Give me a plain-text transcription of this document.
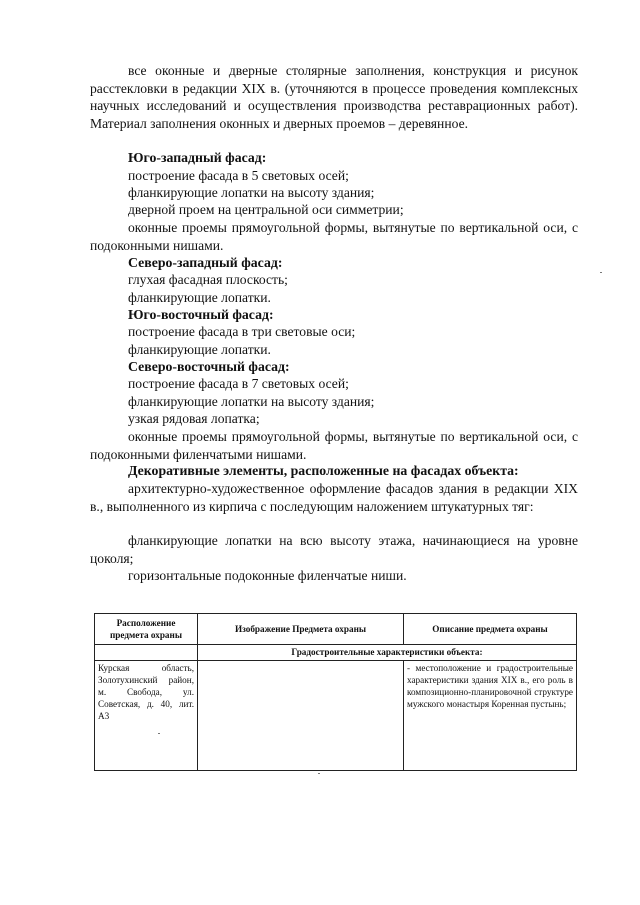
все оконные и дверные столярные заполнения, конструкция и рисунок расстекловки в редакции XIX в. (уточняются в процессе проведения комплексных научных исследований и осуществления производства реставрационных работ). Материал заполнения оконных и дверных проемов – деревянное.

Юго-западный фасад:

построение фасада в 5 световых осей;

фланкирующие лопатки на высоту здания;

дверной проем на центральной оси симметрии;

оконные проемы прямоугольной формы, вытянутые по вертикальной оси, с подоконными нишами.

Северо-западный фасад:

глухая фасадная плоскость;

фланкирующие лопатки.

Юго-восточный фасад:

построение фасада в три световые оси;

фланкирующие лопатки.

Северо-восточный фасад:

построение фасада в 7 световых осей;

фланкирующие лопатки на высоту здания;

узкая рядовая лопатка;

оконные проемы прямоугольной формы, вытянутые по вертикальной оси, с подоконными филенчатыми нишами.

Декоративные элементы, расположенные на фасадах объекта:

архитектурно-художественное оформление фасадов здания в редакции XIX в., выполненного из кирпича с последующим наложением штукатурных тяг:

фланкирующие лопатки на всю высоту этажа, начинающиеся на уровне цоколя;

горизонтальные подоконные филенчатые ниши.

Расположение предмета охраны	Изображение Предмета охраны	Описание предмета охраны
	Градостроительные характеристики объекта:	
Курская область, Золотухинский район, м. Свобода, ул. Советская, д. 40, лит. А3		- местоположение и градостроительные характеристики здания XIX в., его роль в композиционно-планировочной структуре мужского монастыря Коренная пустынь;
